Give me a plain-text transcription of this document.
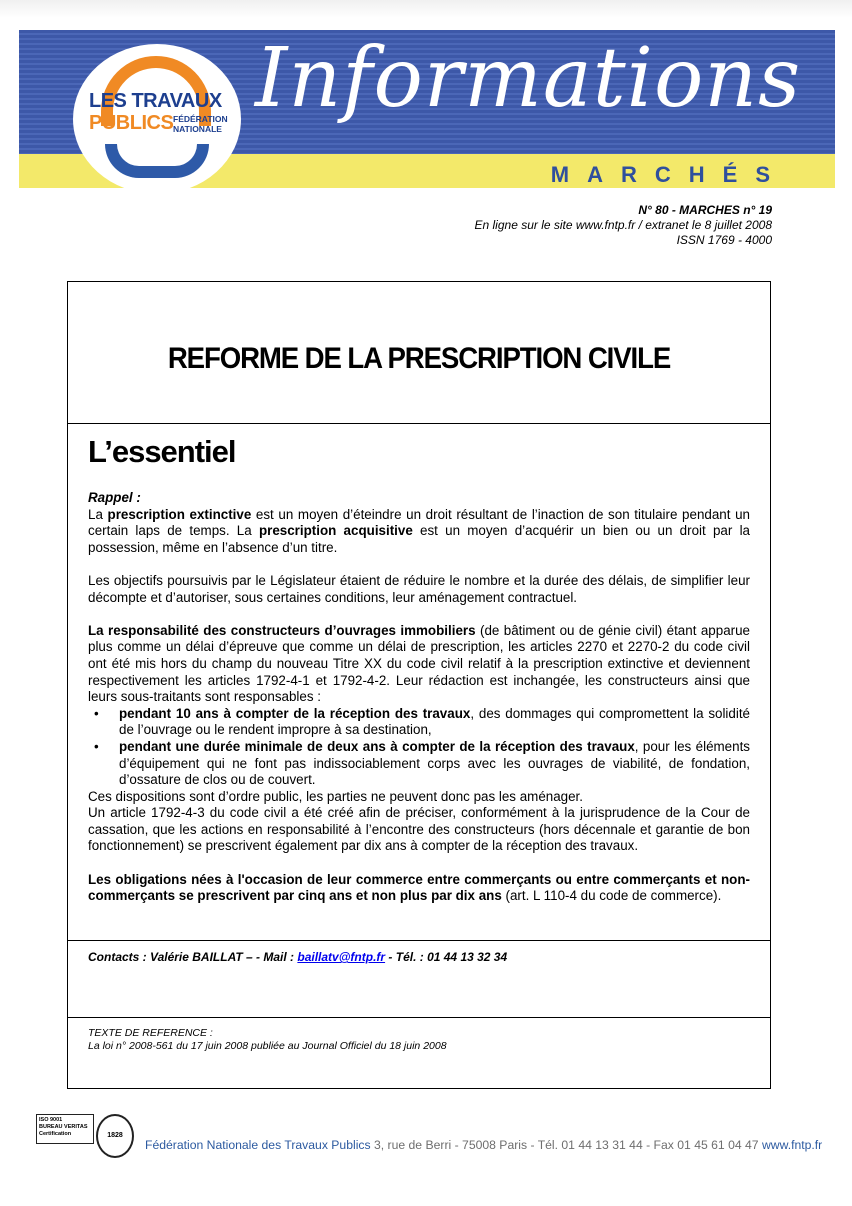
Informations
MARCHÉS
LES TRAVAUX
PUBLICS FÉDÉRATION NATIONALE
N° 80 - MARCHES n° 19
En ligne sur le site www.fntp.fr / extranet le 8 juillet 2008
ISSN 1769 - 4000
REFORME DE LA PRESCRIPTION CIVILE
L’essentiel

Rappel :

La prescription extinctive est un moyen d’éteindre un droit résultant de l’inaction de son titulaire pendant un certain laps de temps. La prescription acquisitive est un moyen d’acquérir un bien ou un droit par la possession, même en l’absence d’un titre.

Les objectifs poursuivis par le Législateur étaient de réduire le nombre et la durée des délais, de simplifier leur décompte et d’autoriser, sous certaines conditions, leur aménagement contractuel.

La responsabilité des constructeurs d’ouvrages immobiliers (de bâtiment ou de génie civil) étant apparue plus comme un délai d’épreuve que comme un délai de prescription, les articles 2270 et 2270-2 du code civil ont été mis hors du champ du nouveau Titre XX du code civil relatif à la prescription extinctive et deviennent respectivement les articles 1792-4-1 et 1792-4-2. Leur rédaction est inchangée, les constructeurs ainsi que leurs sous-traitants sont responsables :

• pendant 10 ans à compter de la réception des travaux, des dommages qui compromettent la solidité de l’ouvrage ou le rendent impropre à sa destination,
• pendant une durée minimale de deux ans à compter de la réception des travaux, pour les éléments d’équipement qui ne font pas indissociablement corps avec les ouvrages de viabilité, de fondation, d’ossature de clos ou de couvert.

Ces dispositions sont d’ordre public, les parties ne peuvent donc pas les aménager.

Un article 1792-4-3 du code civil a été créé afin de préciser, conformément à la jurisprudence de la Cour de cassation, que les actions en responsabilité à l’encontre des constructeurs (hors décennale et garantie de bon fonctionnement) se prescrivent également par dix ans à compter de la réception des travaux.

Les obligations nées à l'occasion de leur commerce entre commerçants ou entre commerçants et non-commerçants se prescrivent par cinq ans et non plus par dix ans (art. L 110-4 du code de commerce).

Contacts : Valérie BAILLAT – - Mail : baillatv@fntp.fr - Tél. : 01 44 13 32 34
TEXTE DE REFERENCE :
La loi n° 2008-561 du 17 juin 2008 publiée au Journal Officiel du 18 juin 2008
ISO 9001
BUREAU VERITAS
Certification	1828
Fédération Nationale des Travaux Publics 3, rue de Berri - 75008 Paris - Tél. 01 44 13 31 44 - Fax 01 45 61 04 47 www.fntp.fr
